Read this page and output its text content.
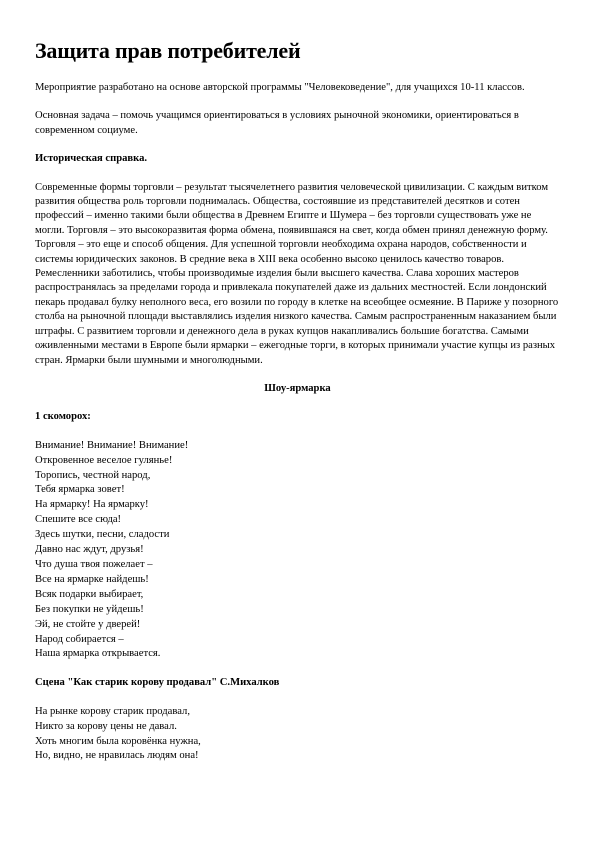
Защита прав потребителей

Мероприятие разработано на основе авторской программы "Человековедение", для учащихся 10-11 классов.

Основная задача – помочь учащимся ориентироваться в условиях рыночной экономики, ориентироваться в современном социуме.

Историческая справка.

Современные формы торговли – результат тысячелетнего развития человеческой цивилизации. С каждым витком развития общества роль торговли поднималась. Общества, состоявшие из представителей десятков и сотен профессий – именно такими были общества в Древнем Египте и Шумера – без торговли существовать уже не могли. Торговля – это высокоразвитая форма обмена, появившаяся на свет, когда обмен принял денежную форму. Торговля – это еще и способ общения. Для успешной торговли необходима охрана народов, собственности и системы юридических законов. В средние века в XIII века особенно высоко ценилось качество товаров. Ремесленники заботились, чтобы производимые изделия были высшего качества. Слава хороших мастеров распространялась за пределами города и привлекала покупателей даже из дальних местностей. Если лондонский пекарь продавал булку неполного веса, его возили по городу в клетке на всеобщее осмеяние. В Париже у позорного столба на рыночной площади выставлялись изделия низкого качества. Самым распространенным наказанием были штрафы. С развитием торговли и денежного дела в руках купцов накапливались большие богатства. Самыми оживленными местами в Европе были ярмарки – ежегодные торги, в которых принимали участие купцы из разных стран. Ярмарки были шумными и многолюдными.

Шоу-ярмарка

1 скоморох:

Внимание! Внимание! Внимание!
Откровенное веселое гулянье!
Торопись, честной народ,
Тебя ярмарка зовет!
На ярмарку! На ярмарку!
Спешите все сюда!
Здесь шутки, песни, сладости
Давно нас ждут, друзья!
Что душа твоя пожелает –
Все на ярмарке найдешь!
Всяк подарки выбирает,
Без покупки не уйдешь!
Эй, не стойте у дверей!
Народ собирается –
Наша ярмарка открывается.

Сцена "Как старик корову продавал" С.Михалков

На рынке корову старик продавал,
Никто за корову цены не давал.
Хоть многим была коровёнка нужна,
Но, видно, не нравилась людям она!
